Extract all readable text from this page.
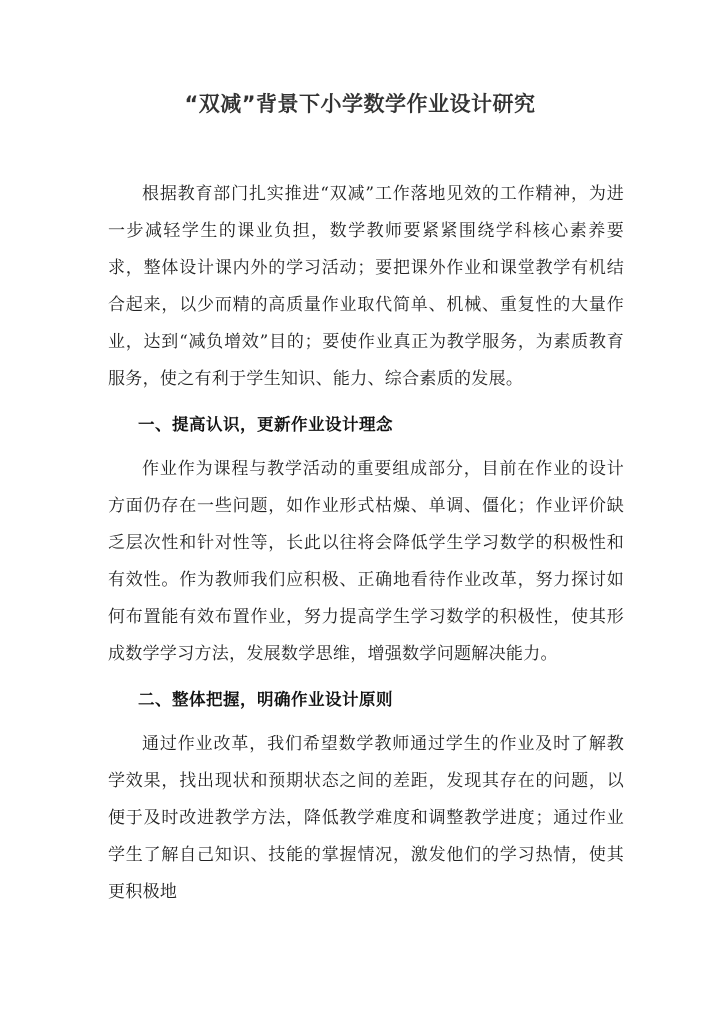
“双减”背景下小学数学作业设计研究

根据教育部门扎实推进“双减”工作落地见效的工作精神，为进一步减轻学生的课业负担，数学教师要紧紧围绕学科核心素养要求，整体设计课内外的学习活动；要把课外作业和课堂教学有机结合起来，以少而精的高质量作业取代简单、机械、重复性的大量作业，达到“减负增效”目的；要使作业真正为教学服务，为素质教育服务，使之有利于学生知识、能力、综合素质的发展。

一、提高认识，更新作业设计理念

作业作为课程与教学活动的重要组成部分，目前在作业的设计方面仍存在一些问题，如作业形式枯燥、单调、僵化；作业评价缺乏层次性和针对性等，长此以往将会降低学生学习数学的积极性和有效性。作为教师我们应积极、正确地看待作业改革，努力探讨如何布置能有效布置作业，努力提高学生学习数学的积极性，使其形成数学学习方法，发展数学思维，增强数学问题解决能力。

二、整体把握，明确作业设计原则

通过作业改革，我们希望数学教师通过学生的作业及时了解教学效果，找出现状和预期状态之间的差距，发现其存在的问题，以便于及时改进教学方法，降低教学难度和调整教学进度；通过作业学生了解自己知识、技能的掌握情况，激发他们的学习热情，使其更积极地
